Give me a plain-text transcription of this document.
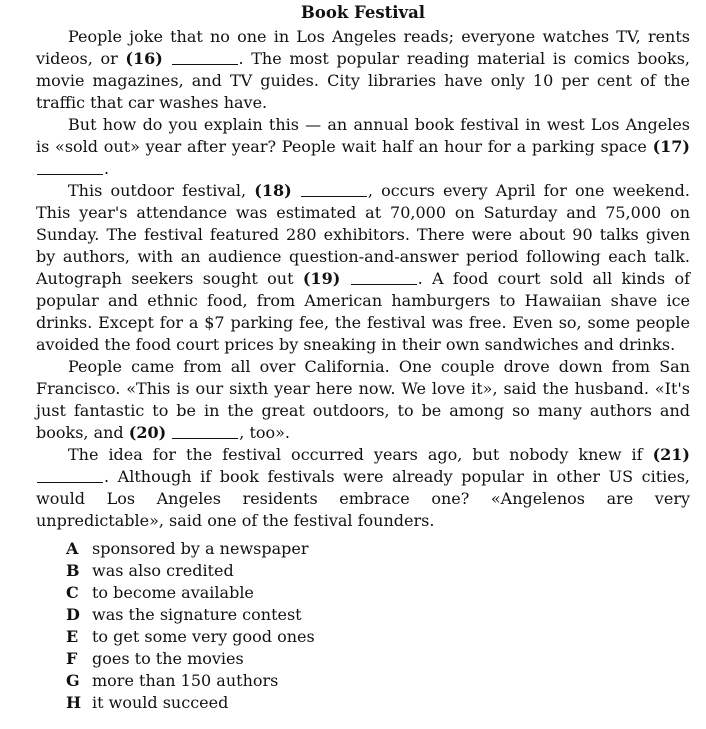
Book Festival

People joke that no one in Los Angeles reads; everyone watches TV, rents videos, or (16)	. The most popular reading material is comics books, movie magazines, and TV guides. City libraries have only 10 per cent of the traffic that car washes have.

But how do you explain this — an annual book festival in west Los Angeles is «sold out» year after year? People wait half an hour for a parking space (17) .

This outdoor festival, (18)	, occurs every April for one weekend. This year's attendance was estimated at 70,000 on Saturday and 75,000 on Sunday. The festival featured 280 exhibitors. There were about 90 talks given by authors, with an audience question-and-answer period following each talk. Autograph seekers sought out (19)	. A food court sold all kinds of popular and ethnic food, from American hamburgers to Hawaiian shave ice drinks. Except for a $7 parking fee, the festival was free. Even so, some people avoided the food court prices by sneaking in their own sandwiches and drinks.

People came from all over California. One couple drove down from San Francisco. «This is our sixth year here now. We love it», said the husband. «It's just fantastic to be in the great outdoors, to be among so many authors and books, and (20)	, too».

The idea for the festival occurred years ago, but nobody knew if (21) . Although if book festivals were already popular in other US cities, would Los Angeles residents embrace one? «Angelenos are very unpredictable», said one of the festival founders.

A sponsored by a newspaper
B was also credited
C to become available
D was the signature contest
E to get some very good ones
F goes to the movies
G more than 150 authors
H it would succeed
